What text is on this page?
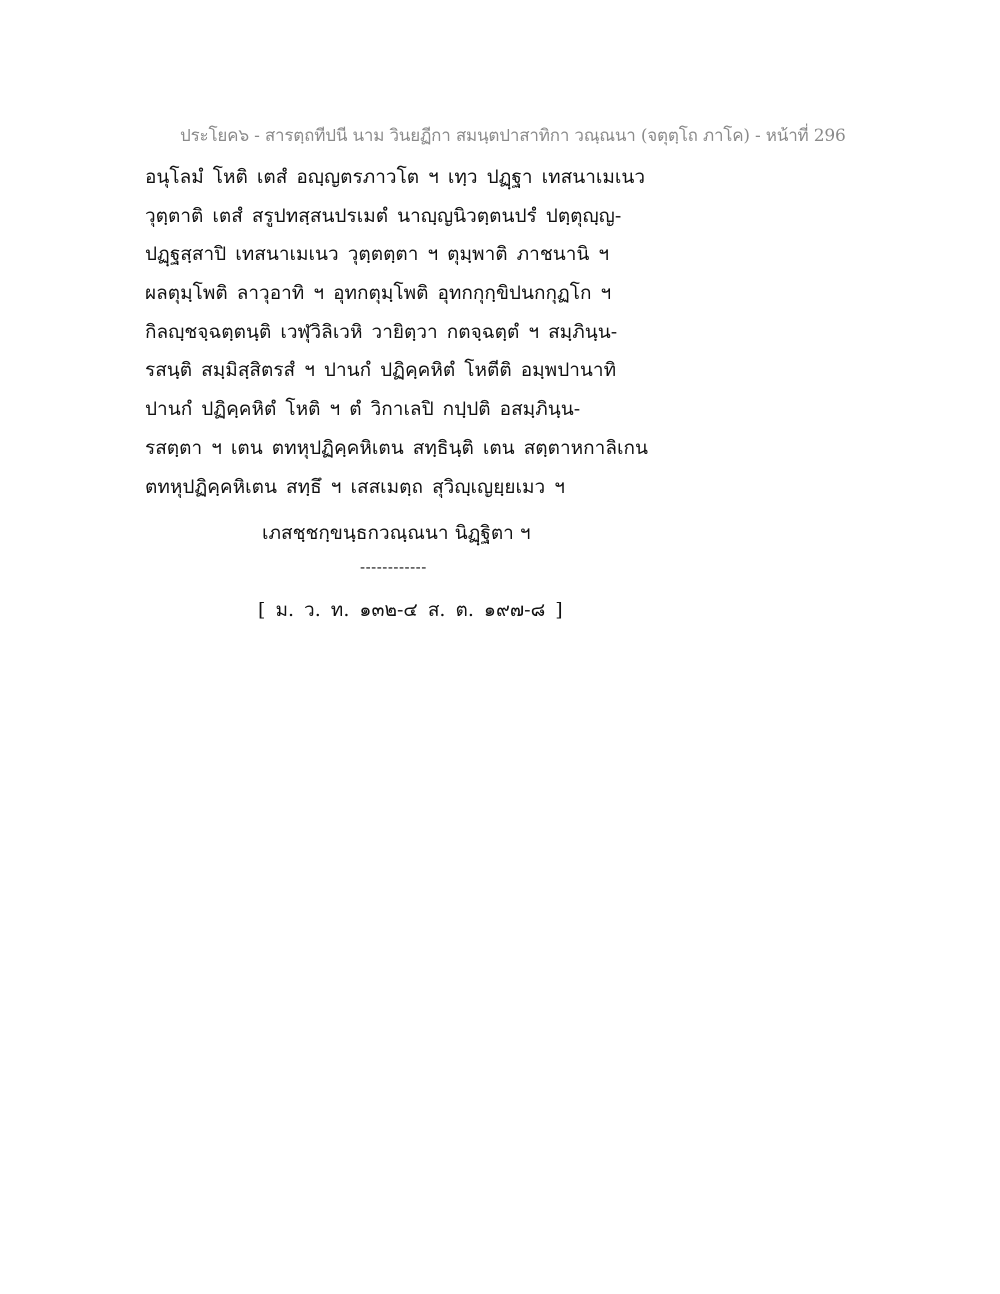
ประโยค๖ - สารตฺถทีปนี นาม วินยฏีกา สมนฺตปาสาทิกา วณฺณนา (จตุตฺโถ ภาโค) - หน้าที่ 296
อนุโลมํ โหติ เตสํ อญฺญตรภาวโต ฯ เทฺว ปฏฺฐา เทสนาเมเนว
วุตฺตาติ เตสํ สรูปทสฺสนปรเมตํ นาญฺญนิวตฺตนปรํ ปตฺตุญฺญ-
ปฏฺฐสฺสาปิ เทสนาเมเนว วุตฺตตฺตา ฯ ตุมฺพาติ ภาชนานิ ฯ
ผลตุมฺโพติ ลาวุอาทิ ฯ อุทกตุมฺโพติ อุทกกุกฺขิปนกกุฏโก ฯ
กิลญฺชจฺฉตฺตนฺติ เวฬุวิลิเวหิ วายิตฺวา กตจฺฉตฺตํ ฯ สมฺภินฺน-
รสนฺติ สมฺมิสฺสิตรสํ ฯ ปานกํ ปฏิคฺคหิตํ โหตีติ อมฺพปานาทิ
ปานกํ ปฏิคฺคหิตํ โหติ ฯ ตํ วิกาเลปิ กปฺปติ อสมฺภินฺน-
รสตฺตา ฯ เตน ตทหุปฏิคฺคหิเตน สทฺธินฺติ เตน สตฺตาหกาลิเกน
ตทหุปฏิคฺคหิเตน สทฺธึ ฯ เสสเมตฺถ สุวิญฺเญยฺยเมว ฯ
เภสชฺชกฺขนฺธกวณฺณนา นิฏฺฐิตา ฯ
------------
[ ม. ว. ท. ๑๓๒-๔ ส. ต. ๑๙๗-๘ ]
